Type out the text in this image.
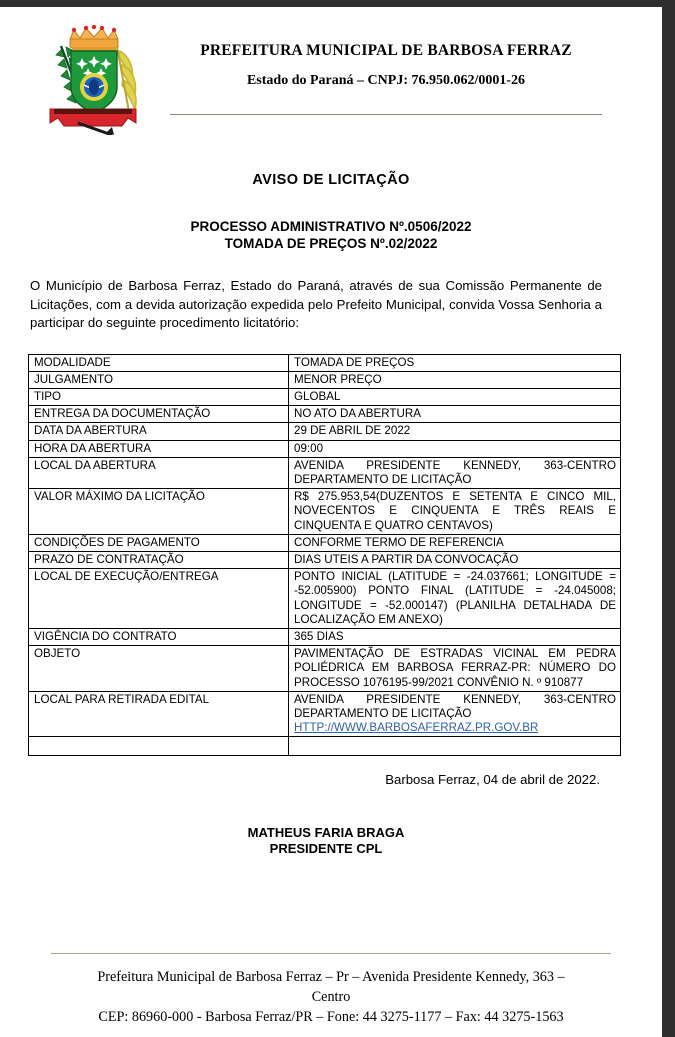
PREFEITURA MUNICIPAL DE BARBOSA FERRAZ
Estado do Paraná – CNPJ: 76.950.062/0001-26
AVISO DE LICITAÇÃO
PROCESSO ADMINISTRATIVO Nº.0506/2022
TOMADA DE PREÇOS Nº.02/2022
O Município de Barbosa Ferraz, Estado do Paraná, através de sua Comissão Permanente de Licitações, com a devida autorização expedida pelo Prefeito Municipal, convida Vossa Senhoria a participar do seguinte procedimento licitatório:
MODALIDADE	TOMADA DE PREÇOS
JULGAMENTO	MENOR PREÇO
TIPO	GLOBAL
ENTREGA DA DOCUMENTAÇÃO	NO ATO DA ABERTURA
DATA DA ABERTURA	29 DE ABRIL DE 2022
HORA DA ABERTURA	09:00
LOCAL DA ABERTURA	AVENIDA PRESIDENTE KENNEDY, 363-CENTRO DEPARTAMENTO DE LICITAÇÃO
VALOR MÁXIMO DA LICITAÇÃO	R$ 275.953,54(DUZENTOS E SETENTA E CINCO MIL, NOVECENTOS E CINQUENTA E TRÊS REAIS E CINQUENTA E QUATRO CENTAVOS)
CONDIÇÕES DE PAGAMENTO	CONFORME TERMO DE REFERENCIA
PRAZO DE CONTRATAÇÃO	DIAS UTEIS A PARTIR DA CONVOCAÇÃO
LOCAL DE EXECUÇÃO/ENTREGA	PONTO INICIAL (LATITUDE = -24.037661; LONGITUDE = -52.005900) PONTO FINAL (LATITUDE = -24.045008; LONGITUDE = -52.000147) (PLANILHA DETALHADA DE LOCALIZAÇÃO EM ANEXO)
VIGÊNCIA DO CONTRATO	365 DIAS
OBJETO	PAVIMENTAÇÃO DE ESTRADAS VICINAL EM PEDRA POLIÉDRICA EM BARBOSA FERRAZ-PR: NÚMERO DO PROCESSO 1076195-99/2021 CONVÊNIO N. º 910877
LOCAL PARA RETIRADA EDITAL	AVENIDA PRESIDENTE KENNEDY, 363-CENTRO DEPARTAMENTO DE LICITAÇÃO
HTTP://WWW.BARBOSAFERRAZ.PR.GOV.BR

Barbosa Ferraz, 04 de abril de 2022.
MATHEUS FARIA BRAGA
PRESIDENTE CPL
Prefeitura Municipal de Barbosa Ferraz – Pr – Avenida Presidente Kennedy, 363 –
Centro
CEP: 86960-000 - Barbosa Ferraz/PR – Fone: 44 3275-1177 – Fax: 44 3275-1563
